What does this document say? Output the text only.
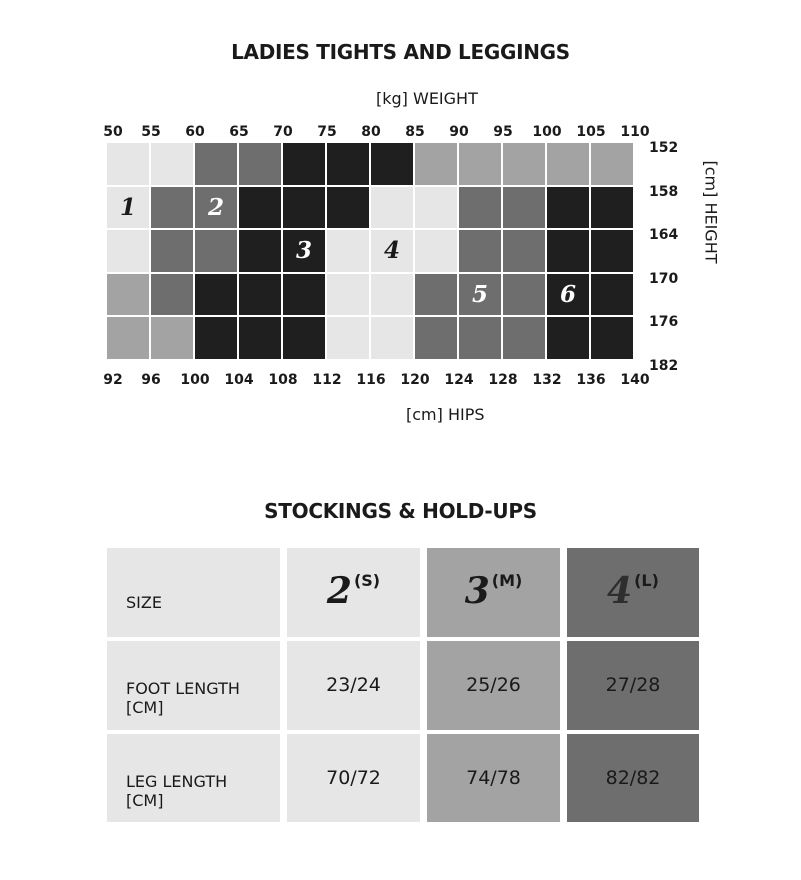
LADIES TIGHTS AND LEGGINGS
[kg] WEIGHT
50	55	60	65	70	75	80	85	90	95	100	105	110
1	2
3	4
5	6
152
158
164
170
176
182
[cm] HEIGHT
92	96	100	104	108	112	116	120	124	128	132	136	140
[cm] HIPS
STOCKINGS & HOLD-UPS
SIZE	2 (S)	3 (M)	4 (L)
FOOT LENGTH
[CM]
23/24	25/26	27/28
LEG LENGTH
[CM]
70/72	74/78	82/82
